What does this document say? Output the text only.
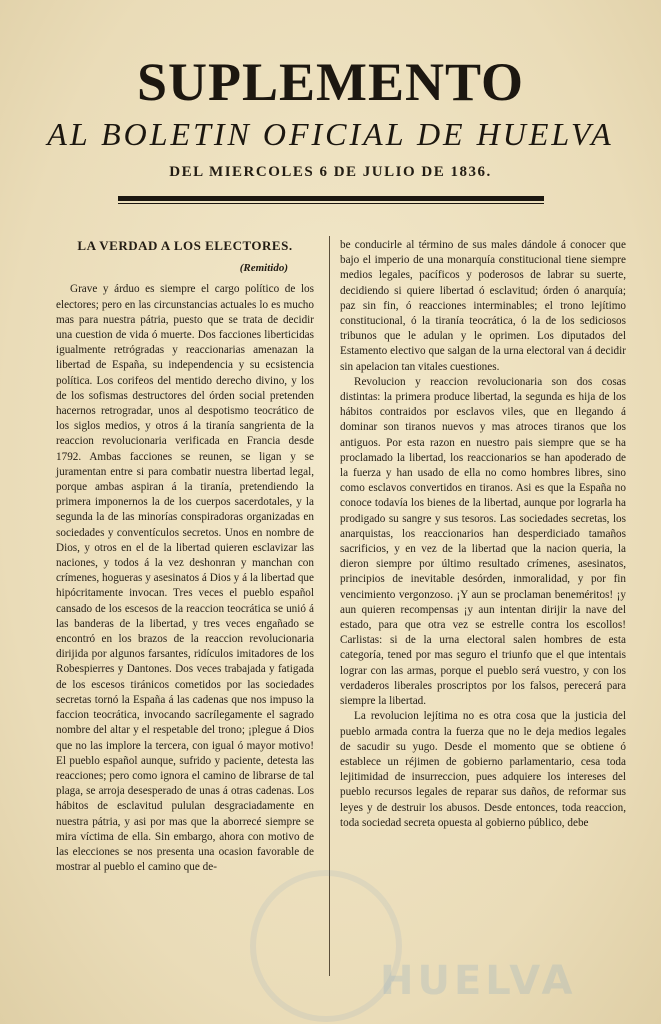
SUPLEMENTO
AL BOLETIN OFICIAL DE HUELVA
DEL MIERCOLES 6 DE JULIO DE 1836.
LA VERDAD A LOS ELECTORES.
(Remitido)

Grave y árduo es siempre el cargo político de los electores; pero en las circunstancias actuales lo es mucho mas para nuestra pátria, puesto que se trata de decidir una cuestion de vida ó muerte. Dos facciones liberticidas igualmente retrógradas y reaccionarias amenazan la libertad de España, su independencia y su ecsistencia política. Los corifeos del mentido derecho divino, y los de los sofismas destructores del órden social pretenden hacernos retrogradar, unos al despotismo teocrático de los siglos medios, y otros á la tiranía sangrienta de la reaccion revolucionaria verificada en Francia desde 1792. Ambas facciones se reunen, se ligan y se juramentan entre si para combatir nuestra libertad legal, porque ambas aspiran á la tiranía, pretendiendo la primera imponernos la de los cuerpos sacerdotales, y la segunda la de las minorías conspiradoras organizadas en sociedades y conventículos secretos. Unos en nombre de Dios, y otros en el de la libertad quieren esclavizar las naciones, y todos á la vez deshonran y manchan con crímenes, hogueras y asesinatos á Dios y á la libertad que hipócritamente invocan. Tres veces el pueblo español cansado de los escesos de la reaccion teocrática se unió á las banderas de la libertad, y tres veces engañado se encontró en los brazos de la reaccion revolucionaria dirijida por algunos farsantes, ridículos imitadores de los Robespierres y Dantones. Dos veces trabajada y fatigada de los escesos tiránicos cometidos por las sociedades secretas tornó la España á las cadenas que nos impuso la faccion teocrática, invocando sacrílegamente el sagrado nombre del altar y el respetable del trono; ¡plegue á Dios que no las implore la tercera, con igual ó mayor motivo! El pueblo español aunque, sufrido y paciente, detesta las reacciones; pero como ignora el camino de librarse de tal plaga, se arroja desesperado de unas á otras cadenas. Los hábitos de esclavitud pululan desgraciadamente en nuestra pátria, y asi por mas que la aborrecé siempre se mira víctima de ella. Sin embargo, ahora con motivo de las elecciones se nos presenta una ocasion favorable de mostrar al pueblo el camino que de-

be conducirle al término de sus males dándole á conocer que bajo el imperio de una monarquía constitucional tiene siempre medios legales, pacíficos y poderosos de labrar su suerte, decidiendo si quiere libertad ó esclavitud; órden ó anarquía; paz sin fin, ó reacciones interminables; el trono lejítimo constitucional, ó la tiranía teocrática, ó la de los sediciosos tribunos que le adulan y le oprimen. Los diputados del Estamento electivo que salgan de la urna electoral van á decidir sin apelacion tan vitales cuestiones.

Revolucion y reaccion revolucionaria son dos cosas distintas: la primera produce libertad, la segunda es hija de los hábitos contraidos por esclavos viles, que en llegando á dominar son tiranos nuevos y mas atroces tiranos que los antiguos. Por esta razon en nuestro pais siempre que se ha proclamado la libertad, los reaccionarios se han apoderado de la fuerza y han usado de ella no como hombres libres, sino como esclavos convertidos en tiranos. Asi es que la España no conoce todavía los bienes de la libertad, aunque por lograrla ha prodigado su sangre y sus tesoros. Las sociedades secretas, los anarquistas, los reaccionarios han desperdiciado tamaños sacrificios, y en vez de la libertad que la nacion queria, la dieron siempre por último resultado crímenes, asesinatos, principios de inevitable desórden, inmoralidad, y por fin vencimiento vergonzoso. ¡Y aun se proclaman beneméritos! ¡y aun quieren recompensas ¡y aun intentan dirijir la nave del estado, para que otra vez se estrelle contra los escollos! Carlistas: si de la urna electoral salen hombres de esta categoría, tened por mas seguro el triunfo que el que intentais lograr con las armas, porque el pueblo será vuestro, y con los verdaderos liberales proscriptos por los falsos, perecerá para siempre la libertad.

La revolucion lejítima no es otra cosa que la justicia del pueblo armada contra la fuerza que no le deja medios legales de sacudir su yugo. Desde el momento que se obtiene ó establece un réjimen de gobierno parlamentario, cesa toda lejitimidad de insurreccion, pues adquiere los intereses del pueblo recursos legales de reparar sus daños, de reformar sus leyes y de destruir los abusos. Desde entonces, toda reaccion, toda sociedad secreta opuesta al gobierno público, debe

HUELVA
